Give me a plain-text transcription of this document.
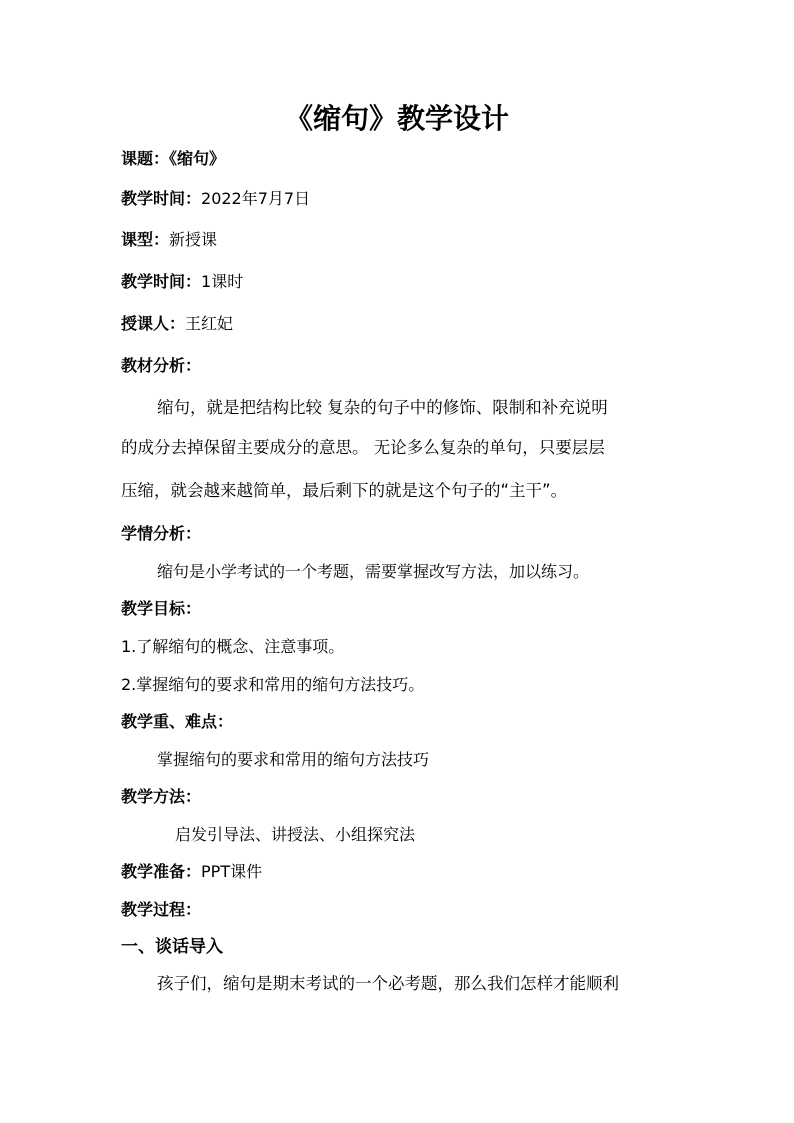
《缩句》教学设计
课题：《缩句》
教学时间：2022年7月7日
课型：新授课
教学时间：1课时
授课人：王红妃
教材分析：
缩句，就是把结构比较 复杂的句子中的修饰、限制和补充说明
的成分去掉保留主要成分的意思。 无论多么复杂的单句，只要层层
压缩，就会越来越简单，最后剩下的就是这个句子的“主干”。
学情分析：
缩句是小学考试的一个考题，需要掌握改写方法，加以练习。
教学目标：
1.了解缩句的概念、注意事项。
2.掌握缩句的要求和常用的缩句方法技巧。
教学重、难点：
掌握缩句的要求和常用的缩句方法技巧
教学方法：
启发引导法、讲授法、小组探究法
教学准备：PPT课件
教学过程：
一、谈话导入
孩子们，缩句是期末考试的一个必考题，那么我们怎样才能顺利
